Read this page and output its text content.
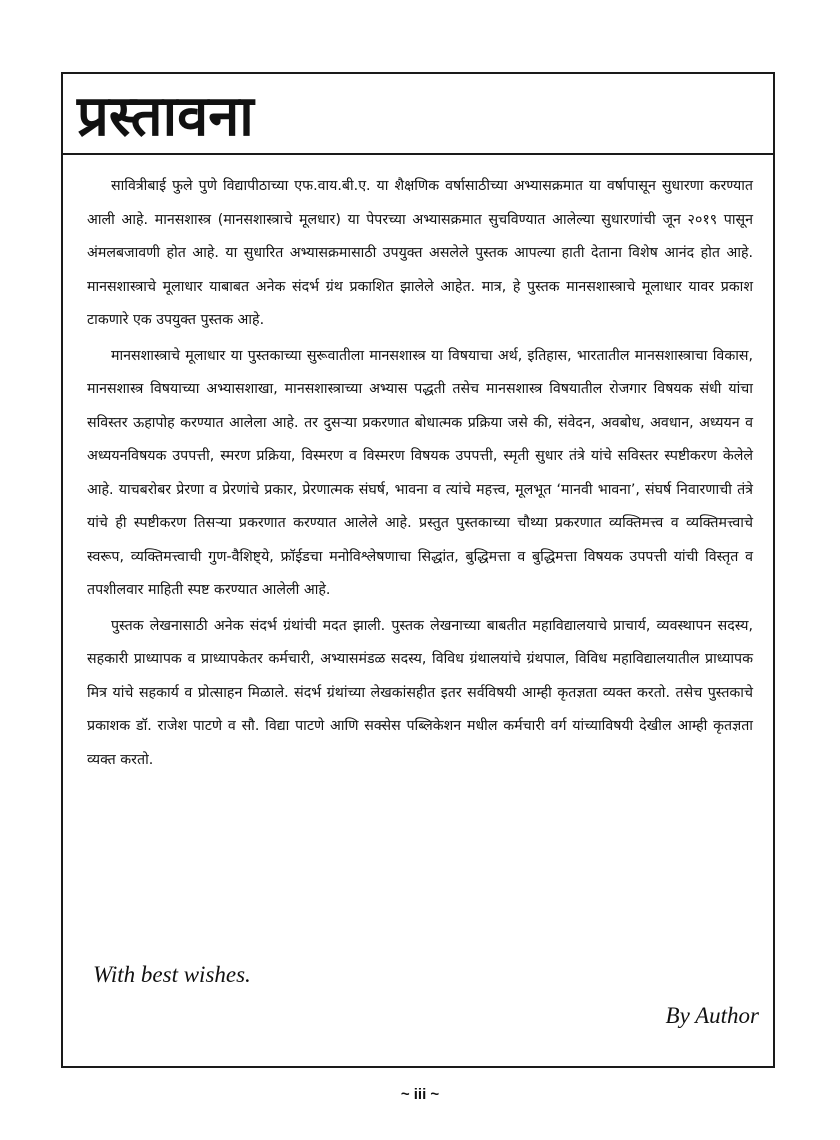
प्रस्तावना

सावित्रीबाई फुले पुणे विद्यापीठाच्या एफ.वाय.बी.ए. या शैक्षणिक वर्षासाठीच्या अभ्यासक्रमात या वर्षापासून सुधारणा करण्यात आली आहे. मानसशास्त्र (मानसशास्त्राचे मूलधार) या पेपरच्या अभ्यासक्रमात सुचविण्यात आलेल्या सुधारणांची जून २०१९ पासून अंमलबजावणी होत आहे. या सुधारित अभ्यासक्रमासाठी उपयुक्त असलेले पुस्तक आपल्या हाती देताना विशेष आनंद होत आहे. मानसशास्त्राचे मूलाधार याबाबत अनेक संदर्भ ग्रंथ प्रकाशित झालेले आहेत. मात्र, हे पुस्तक मानसशास्त्राचे मूलाधार यावर प्रकाश टाकणारे एक उपयुक्त पुस्तक आहे.

मानसशास्त्राचे मूलाधार या पुस्तकाच्या सुरूवातीला मानसशास्त्र या विषयाचा अर्थ, इतिहास, भारतातील मानसशास्त्राचा विकास, मानसशास्त्र विषयाच्या अभ्यासशाखा, मानसशास्त्राच्या अभ्यास पद्धती तसेच मानसशास्त्र विषयातील रोजगार विषयक संधी यांचा सविस्तर ऊहापोह करण्यात आलेला आहे. तर दुसऱ्या प्रकरणात बोधात्मक प्रक्रिया जसे की, संवेदन, अवबोध, अवधान, अध्ययन व अध्ययनविषयक उपपत्ती, स्मरण प्रक्रिया, विस्मरण व विस्मरण विषयक उपपत्ती, स्मृती सुधार तंत्रे यांचे सविस्तर स्पष्टीकरण केलेले आहे. याचबरोबर प्रेरणा व प्रेरणांचे प्रकार, प्रेरणात्मक संघर्ष, भावना व त्यांचे महत्त्व, मूलभूत ‘मानवी भावना’, संघर्ष निवारणाची तंत्रे यांचे ही स्पष्टीकरण तिसऱ्या प्रकरणात करण्यात आलेले आहे. प्रस्तुत पुस्तकाच्या चौथ्या प्रकरणात व्यक्तिमत्त्व व व्यक्तिमत्त्वाचे स्वरूप, व्यक्तिमत्त्वाची गुण-वैशिष्ट्ये, फ्रॉईडचा मनोविश्लेषणाचा सिद्धांत, बुद्धिमत्ता व बुद्धिमत्ता विषयक उपपत्ती यांची विस्तृत व तपशीलवार माहिती स्पष्ट करण्यात आलेली आहे.

पुस्तक लेखनासाठी अनेक संदर्भ ग्रंथांची मदत झाली. पुस्तक लेखनाच्या बाबतीत महाविद्यालयाचे प्राचार्य, व्यवस्थापन सदस्य, सहकारी प्राध्यापक व प्राध्यापकेतर कर्मचारी, अभ्यासमंडळ सदस्य, विविध ग्रंथालयांचे ग्रंथपाल, विविध महाविद्यालयातील प्राध्यापक मित्र यांचे सहकार्य व प्रोत्साहन मिळाले. संदर्भ ग्रंथांच्या लेखकांसहीत इतर सर्वविषयी आम्ही कृतज्ञता व्यक्त करतो. तसेच पुस्तकाचे प्रकाशक डॉ. राजेश पाटणे व सौ. विद्या पाटणे आणि सक्सेस पब्लिकेशन मधील कर्मचारी वर्ग यांच्याविषयी देखील आम्ही कृतज्ञता व्यक्त करतो.

With best wishes.
By Author
~ iii ~
